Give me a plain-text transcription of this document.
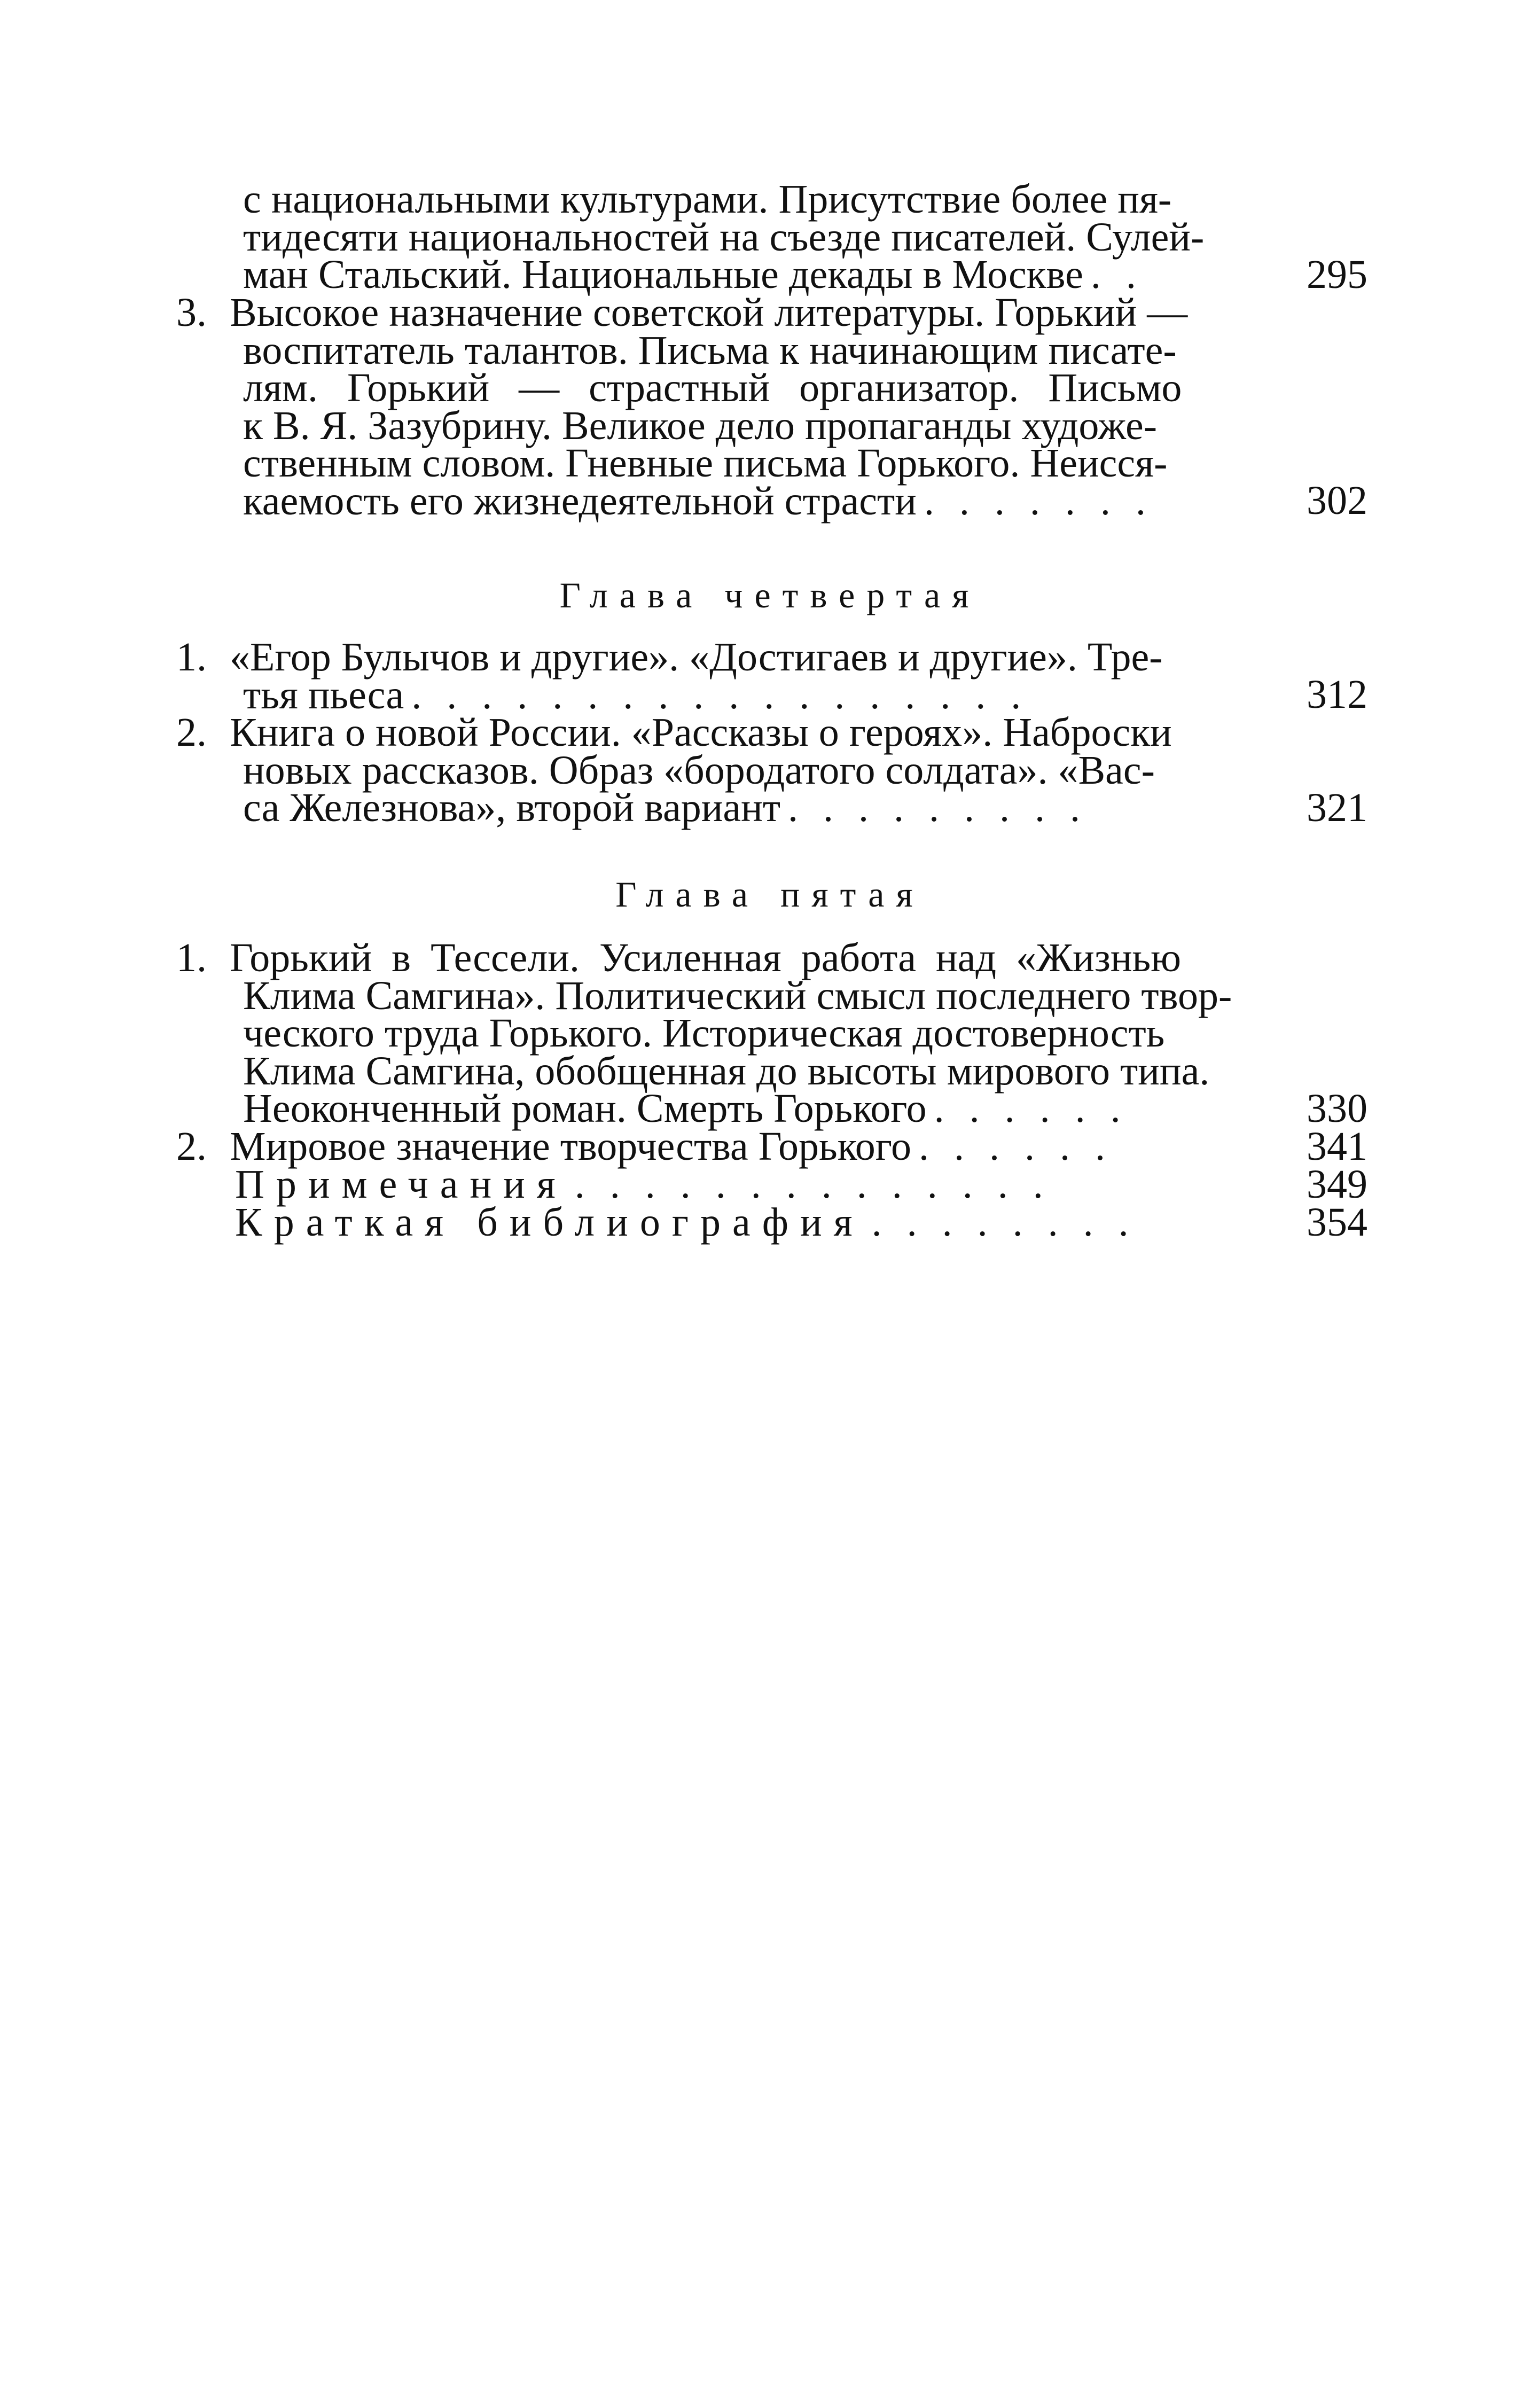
с национальными культурами. Присутствие более пя-
тидесяти национальностей на съезде писателей. Сулей-
ман Стальский. Национальные декады в Москве . .	295
3. Высокое назначение советской литературы. Горький —
воспитатель талантов. Письма к начинающим писате-
лям. Горький — страстный организатор. Письмо
к В. Я. Зазубрину. Великое дело пропаганды художе-
ственным словом. Гневные письма Горького. Неисся-
каемость его жизнедеятельной страсти . . . . . . .	302
Глава четвертая
1. «Егор Булычов и другие». «Достигаев и другие». Тре-
тья пьеса . . . . . . . . . . . . . . . . . .	312
2. Книга о новой России. «Рассказы о героях». Наброски
новых рассказов. Образ «бородатого солдата». «Вас-
са Железнова», второй вариант . . . . . . . . .	321
Глава пятая
1. Горький в Тессели. Усиленная работа над «Жизнью
Клима Самгина». Политический смысл последнего твор-
ческого труда Горького. Историческая достоверность
Клима Самгина, обобщенная до высоты мирового типа.
Неоконченный роман. Смерть Горького . . . . . .	330
2. Мировое значение творчества Горького . . . . . .	341
Примечания . . . . . . . . . . . . . .	349
Краткая библиография . . . . . . . .	354
